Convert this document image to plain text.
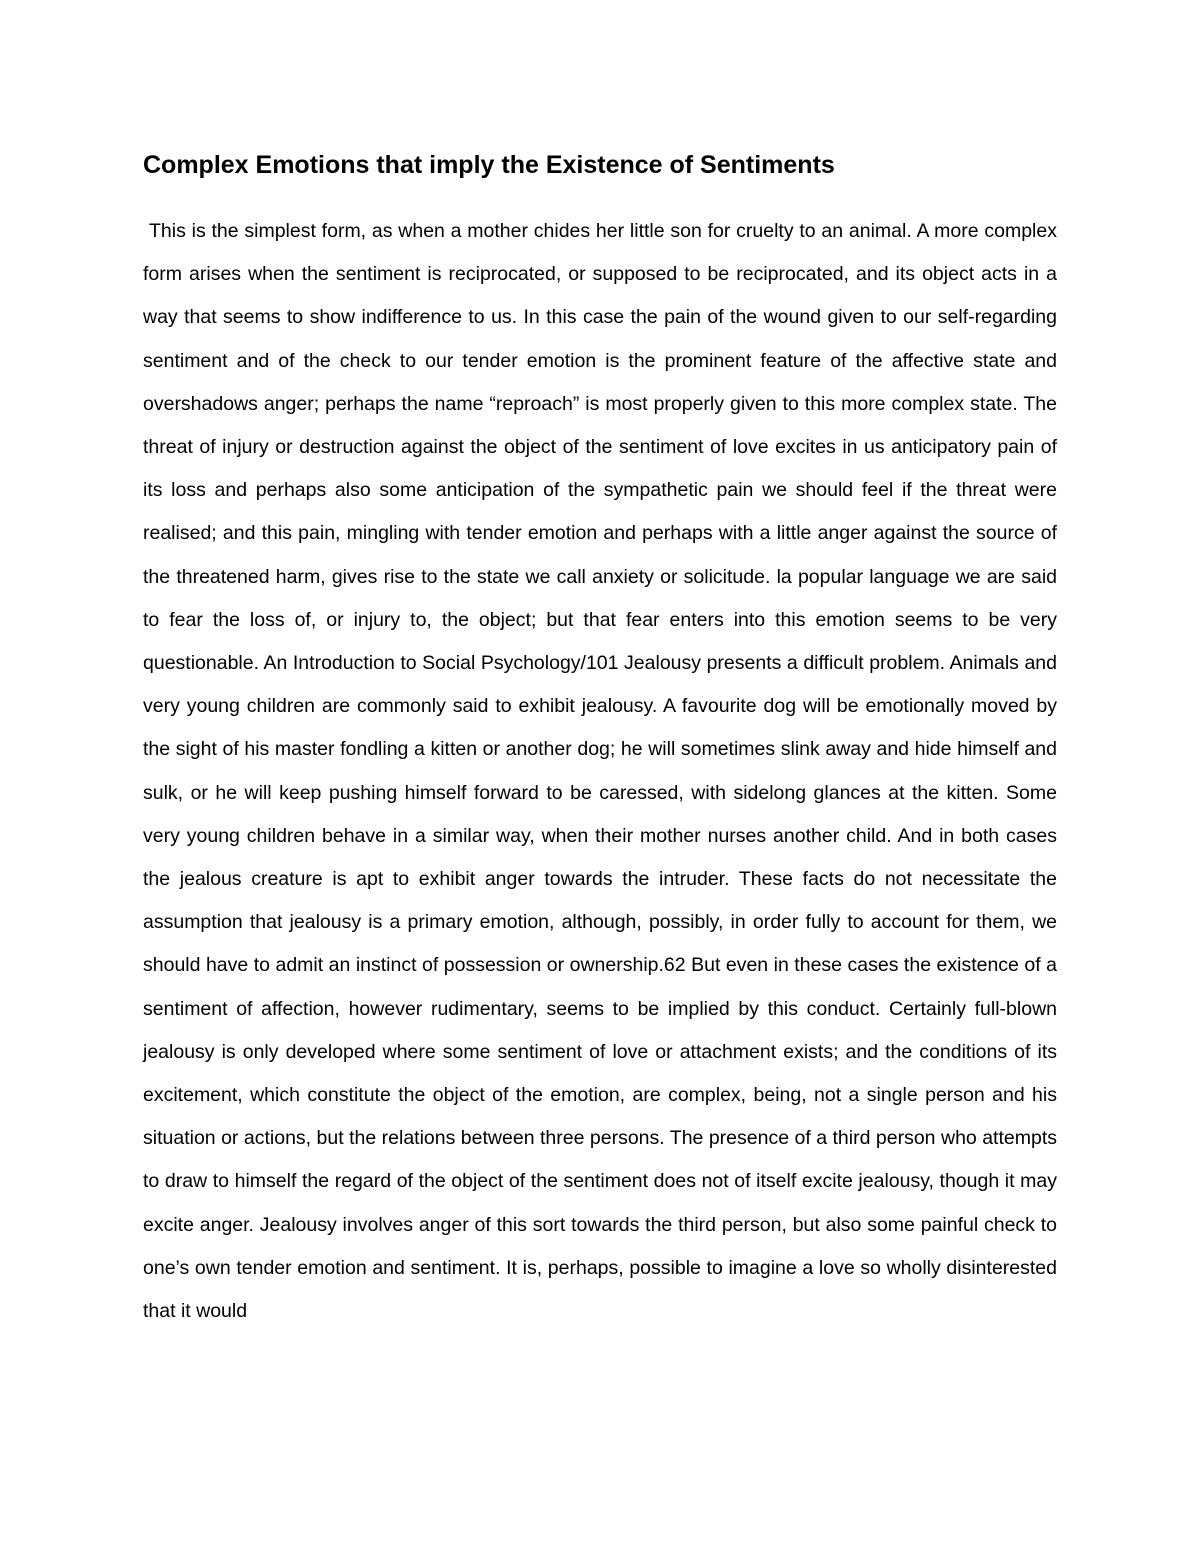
Complex Emotions that imply the Existence of Sentiments

This is the simplest form, as when a mother chides her little son for cruelty to an animal. A more complex form arises when the sentiment is reciprocated, or supposed to be reciprocated, and its object acts in a way that seems to show indifference to us. In this case the pain of the wound given to our self-regarding sentiment and of the check to our tender emotion is the prominent feature of the affective state and overshadows anger; perhaps the name “reproach” is most properly given to this more complex state. The threat of injury or destruction against the object of the sentiment of love excites in us anticipatory pain of its loss and perhaps also some anticipation of the sympathetic pain we should feel if the threat were realised; and this pain, mingling with tender emotion and perhaps with a little anger against the source of the threatened harm, gives rise to the state we call anxiety or solicitude. la popular language we are said to fear the loss of, or injury to, the object; but that fear enters into this emotion seems to be very questionable. An Introduction to Social Psychology/101 Jealousy presents a difficult problem. Animals and very young children are commonly said to exhibit jealousy. A favourite dog will be emotionally moved by the sight of his master fondling a kitten or another dog; he will sometimes slink away and hide himself and sulk, or he will keep pushing himself forward to be caressed, with sidelong glances at the kitten. Some very young children behave in a similar way, when their mother nurses another child. And in both cases the jealous creature is apt to exhibit anger towards the intruder. These facts do not necessitate the assumption that jealousy is a primary emotion, although, possibly, in order fully to account for them, we should have to admit an instinct of possession or ownership.62 But even in these cases the existence of a sentiment of affection, however rudimentary, seems to be implied by this conduct. Certainly full-blown jealousy is only developed where some sentiment of love or attachment exists; and the conditions of its excitement, which constitute the object of the emotion, are complex, being, not a single person and his situation or actions, but the relations between three persons. The presence of a third person who attempts to draw to himself the regard of the object of the sentiment does not of itself excite jealousy, though it may excite anger. Jealousy involves anger of this sort towards the third person, but also some painful check to one’s own tender emotion and sentiment. It is, perhaps, possible to imagine a love so wholly disinterested that it would
